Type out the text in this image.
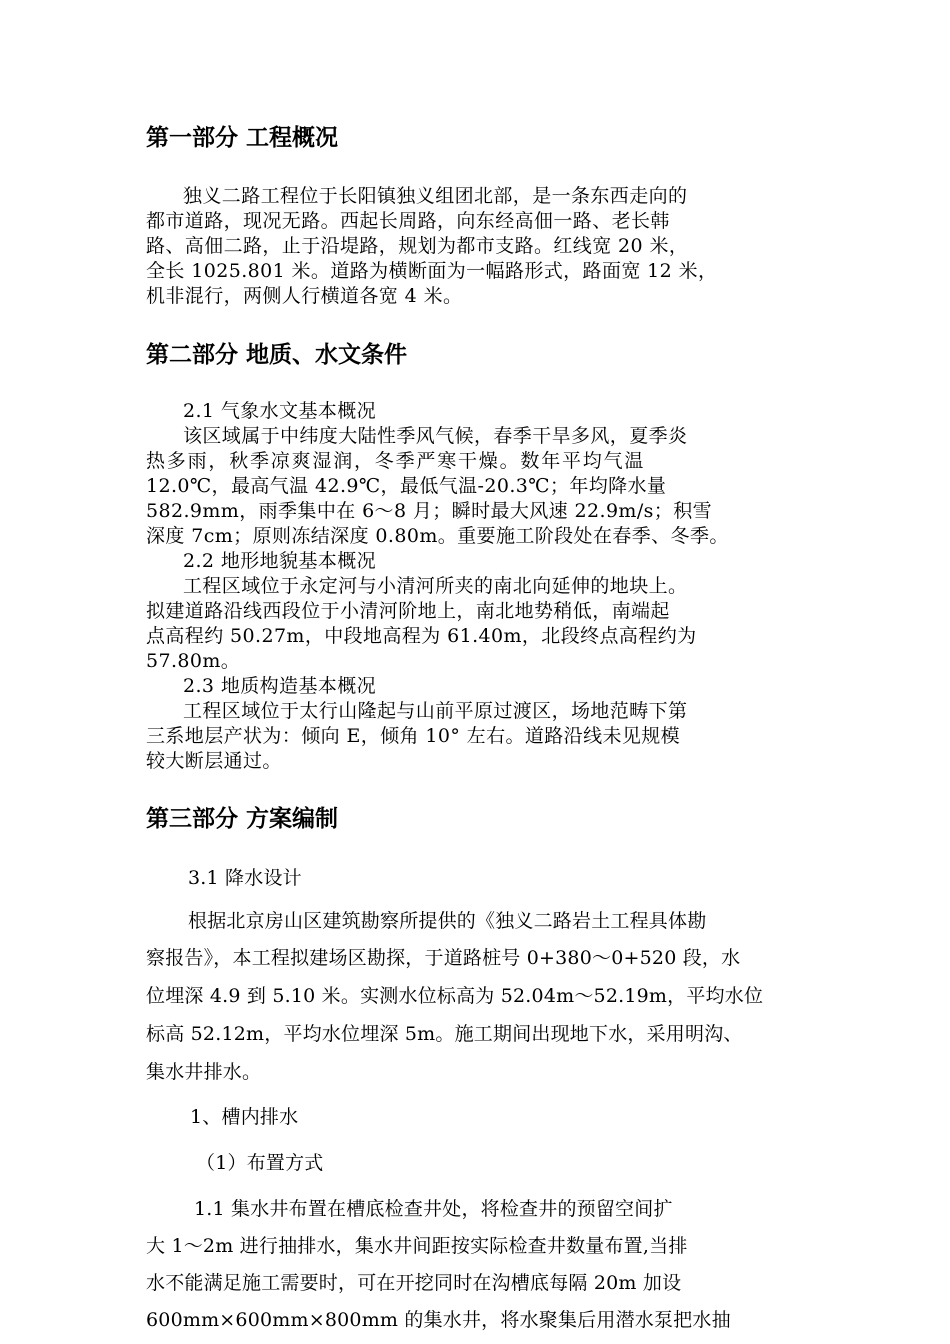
第一部分 工程概况

独义二路工程位于长阳镇独义组团北部，是一条东西走向的

都市道路，现况无路。西起长周路，向东经高佃一路、老长韩

路、高佃二路，止于沿堤路，规划为都市支路。红线宽 20 米，

全长 1025.801 米。道路为横断面为一幅路形式，路面宽 12 米，

机非混行，两侧人行横道各宽 4 米。

第二部分 地质、水文条件

2.1 气象水文基本概况

该区域属于中纬度大陆性季风气候，春季干旱多风，夏季炎

热多雨，秋季凉爽湿润，冬季严寒干燥。数年平均气温

12.0℃，最高气温 42.9℃，最低气温-20.3℃；年均降水量

582.9mm，雨季集中在 6～8 月；瞬时最大风速 22.9m/s；积雪

深度 7cm；原则冻结深度 0.80m。重要施工阶段处在春季、冬季。

2.2 地形地貌基本概况

工程区域位于永定河与小清河所夹的南北向延伸的地块上。

拟建道路沿线西段位于小清河阶地上，南北地势稍低，南端起

点高程约 50.27m，中段地高程为 61.40m，北段终点高程约为

57.80m。

2.3 地质构造基本概况

工程区域位于太行山隆起与山前平原过渡区，场地范畴下第

三系地层产状为：倾向 E，倾角 10° 左右。道路沿线未见规模

较大断层通过。

第三部分 方案编制

3.1 降水设计

根据北京房山区建筑勘察所提供的《独义二路岩土工程具体勘

察报告》，本工程拟建场区勘探，于道路桩号 0+380～0+520 段，水

位埋深 4.9 到 5.10 米。实测水位标高为 52.04m～52.19m，平均水位

标高 52.12m，平均水位埋深 5m。施工期间出现地下水，采用明沟、

集水井排水。

1、槽内排水

（1）布置方式

1.1 集水井布置在槽底检查井处，将检查井的预留空间扩

大 1～2m 进行抽排水，集水井间距按实际检查井数量布置,当排

水不能满足施工需要时，可在开挖同时在沟槽底每隔 20m 加设

600mm×600mm×800mm 的集水井，将水聚集后用潜水泵把水抽
